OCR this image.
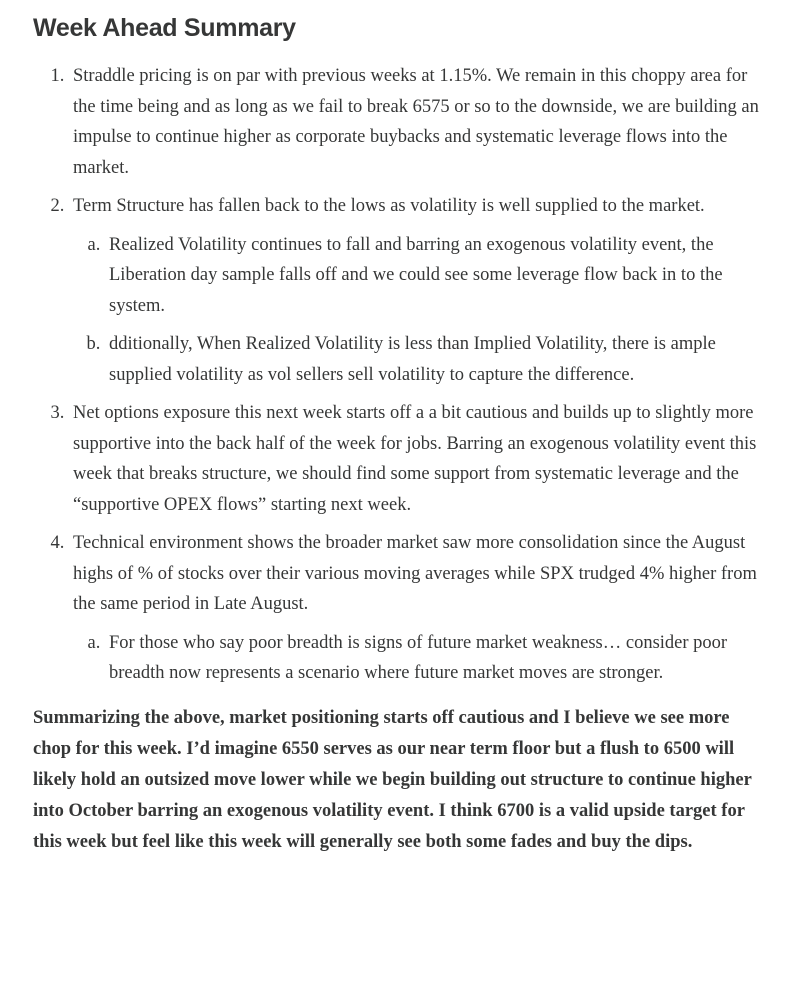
Week Ahead Summary
1. Straddle pricing is on par with previous weeks at 1.15%. We remain in this choppy area for the time being and as long as we fail to break 6575 or so to the downside, we are building an impulse to continue higher as corporate buybacks and systematic leverage flows into the market.
2. Term Structure has fallen back to the lows as volatility is well supplied to the market.
a. Realized Volatility continues to fall and barring an exogenous volatility event, the Liberation day sample falls off and we could see some leverage flow back in to the system.
b. dditionally, When Realized Volatility is less than Implied Volatility, there is ample supplied volatility as vol sellers sell volatility to capture the difference.
3. Net options exposure this next week starts off a a bit cautious and builds up to slightly more supportive into the back half of the week for jobs. Barring an exogenous volatility event this week that breaks structure, we should find some support from systematic leverage and the “supportive OPEX flows” starting next week.
4. Technical environment shows the broader market saw more consolidation since the August highs of % of stocks over their various moving averages while SPX trudged 4% higher from the same period in Late August.
a. For those who say poor breadth is signs of future market weakness… consider poor breadth now represents a scenario where future market moves are stronger.

Summarizing the above, market positioning starts off cautious and I believe we see more chop for this week. I’d imagine 6550 serves as our near term floor but a flush to 6500 will likely hold an outsized move lower while we begin building out structure to continue higher into October barring an exogenous volatility event. I think 6700 is a valid upside target for this week but feel like this week will generally see both some fades and buy the dips.
